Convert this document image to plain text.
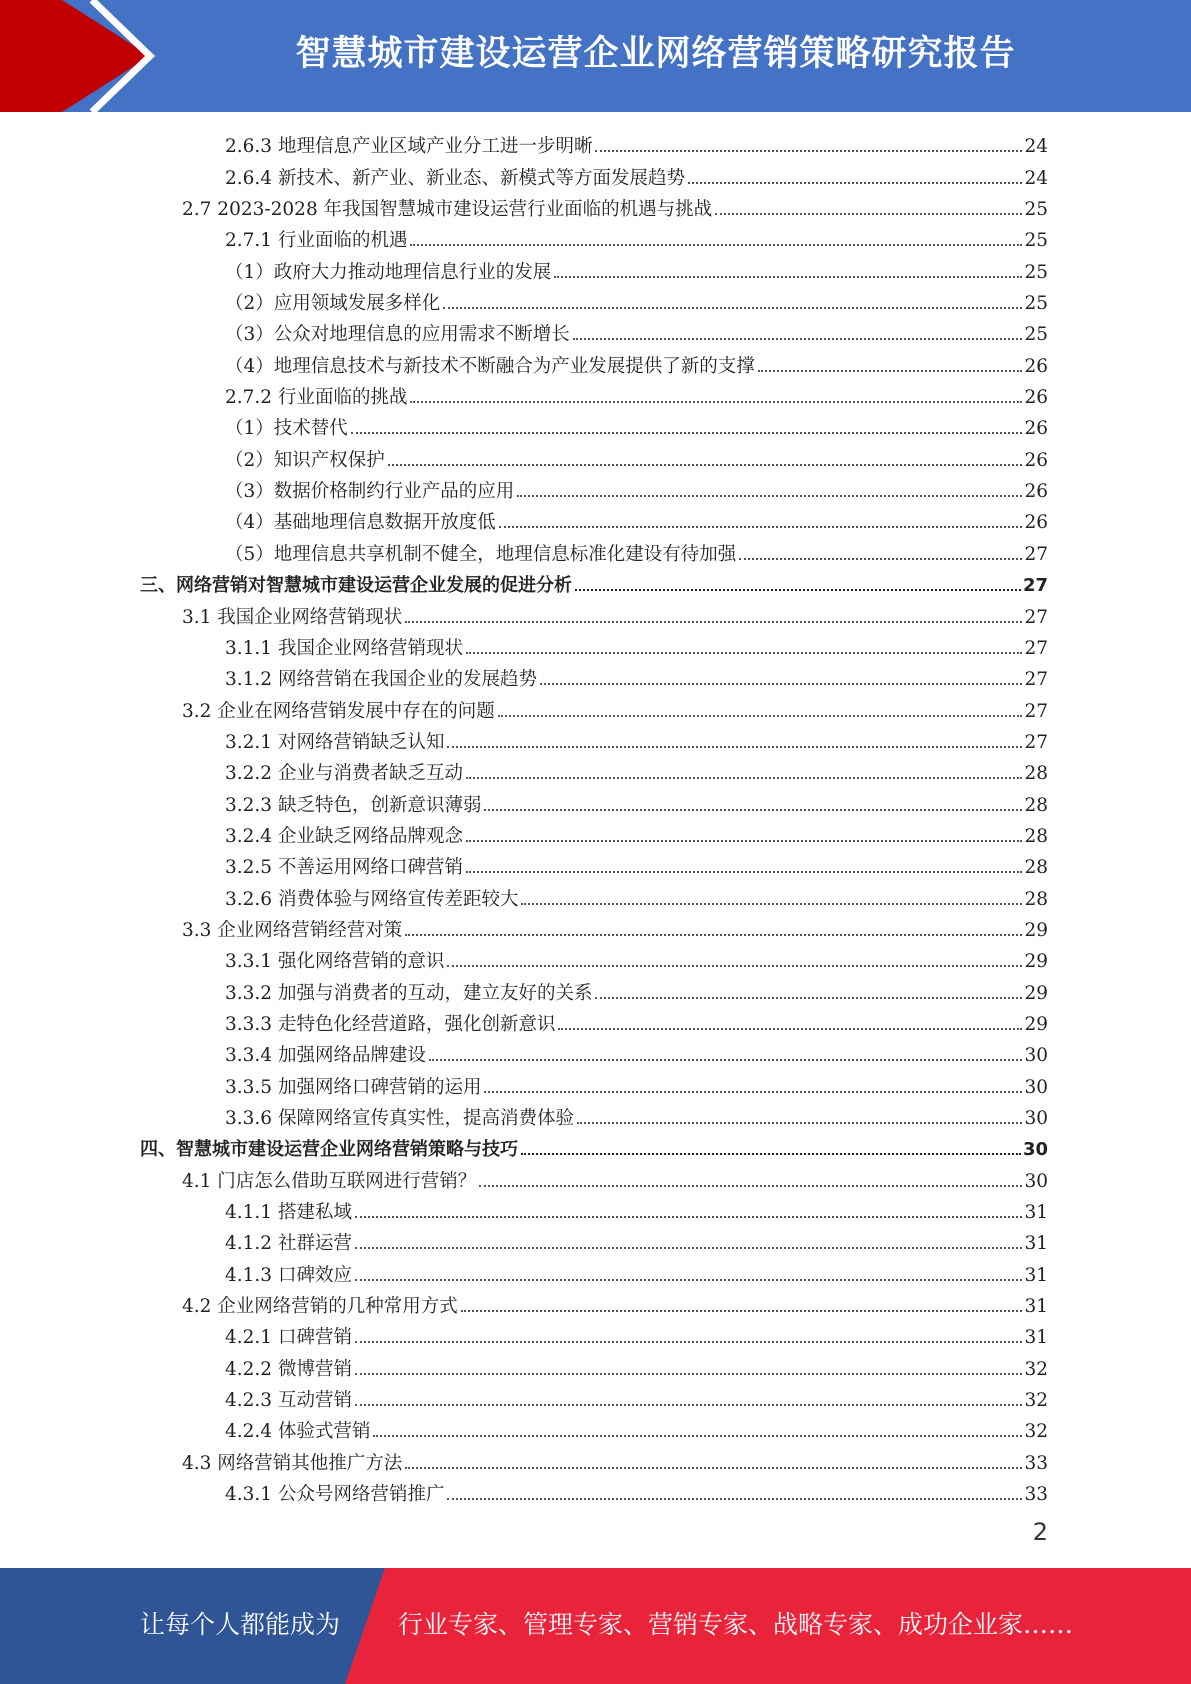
智慧城市建设运营企业网络营销策略研究报告
2.6.3 地理信息产业区域产业分工进一步明晰	24
2.6.4 新技术、新产业、新业态、新模式等方面发展趋势	24
2.7 2023-2028 年我国智慧城市建设运营行业面临的机遇与挑战	25
2.7.1 行业面临的机遇	25
（1）政府大力推动地理信息行业的发展	25
（2）应用领域发展多样化	25
（3）公众对地理信息的应用需求不断增长	25
（4）地理信息技术与新技术不断融合为产业发展提供了新的支撑	26
2.7.2 行业面临的挑战	26
（1）技术替代	26
（2）知识产权保护	26
（3）数据价格制约行业产品的应用	26
（4）基础地理信息数据开放度低	26
（5）地理信息共享机制不健全，地理信息标准化建设有待加强	27
三、网络营销对智慧城市建设运营企业发展的促进分析	27
3.1 我国企业网络营销现状	27
3.1.1 我国企业网络营销现状	27
3.1.2 网络营销在我国企业的发展趋势	27
3.2 企业在网络营销发展中存在的问题	27
3.2.1 对网络营销缺乏认知	27
3.2.2 企业与消费者缺乏互动	28
3.2.3 缺乏特色，创新意识薄弱	28
3.2.4 企业缺乏网络品牌观念	28
3.2.5 不善运用网络口碑营销	28
3.2.6 消费体验与网络宣传差距较大	28
3.3 企业网络营销经营对策	29
3.3.1 强化网络营销的意识	29
3.3.2 加强与消费者的互动，建立友好的关系	29
3.3.3 走特色化经营道路，强化创新意识	29
3.3.4 加强网络品牌建设	30
3.3.5 加强网络口碑营销的运用	30
3.3.6 保障网络宣传真实性，提高消费体验	30
四、智慧城市建设运营企业网络营销策略与技巧	30
4.1 门店怎么借助互联网进行营销？	30
4.1.1 搭建私域	31
4.1.2 社群运营	31
4.1.3 口碑效应	31
4.2 企业网络营销的几种常用方式	31
4.2.1 口碑营销	31
4.2.2 微博营销	32
4.2.3 互动营销	32
4.2.4 体验式营销	32
4.3 网络营销其他推广方法	33
4.3.1 公众号网络营销推广	33
2
让每个人都能成为 行业专家、管理专家、营销专家、战略专家、成功企业家……
